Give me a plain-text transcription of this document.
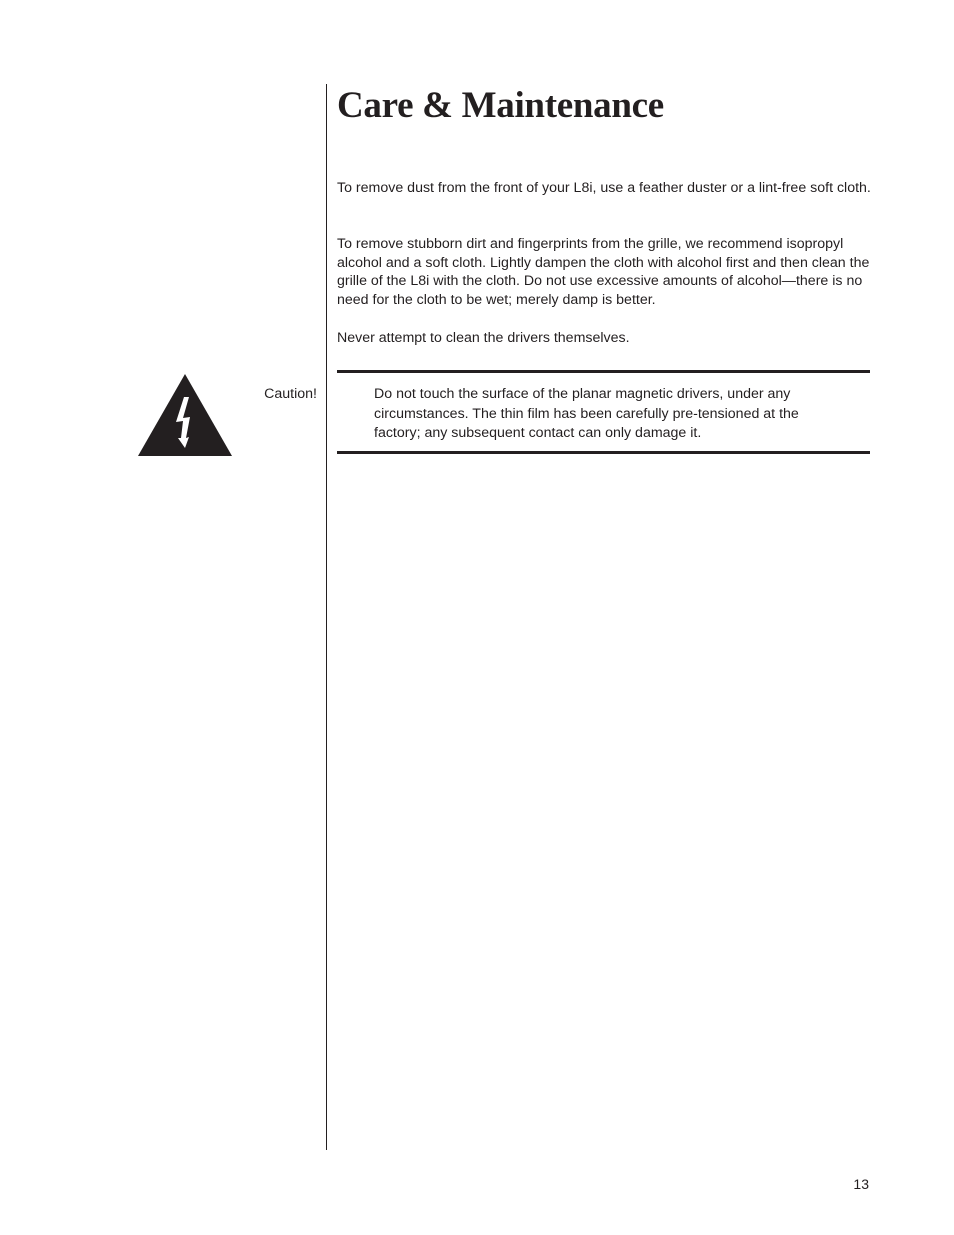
Care & Maintenance

To remove dust from the front of your L8i, use a feather duster or a lint-free soft cloth.

To remove stubborn dirt and fingerprints from the grille, we recommend isopropyl alcohol and a soft cloth. Lightly dampen the cloth with alcohol first and then clean the grille of the L8i with the cloth. Do not use excessive amounts of alcohol—there is no need for the cloth to be wet; merely damp is better.

Never attempt to clean the drivers themselves.

Caution!	Do not touch the surface of the planar magnetic drivers, under any circumstances. The thin film has been carefully pre-tensioned at the factory; any subsequent contact can only damage it.

13
